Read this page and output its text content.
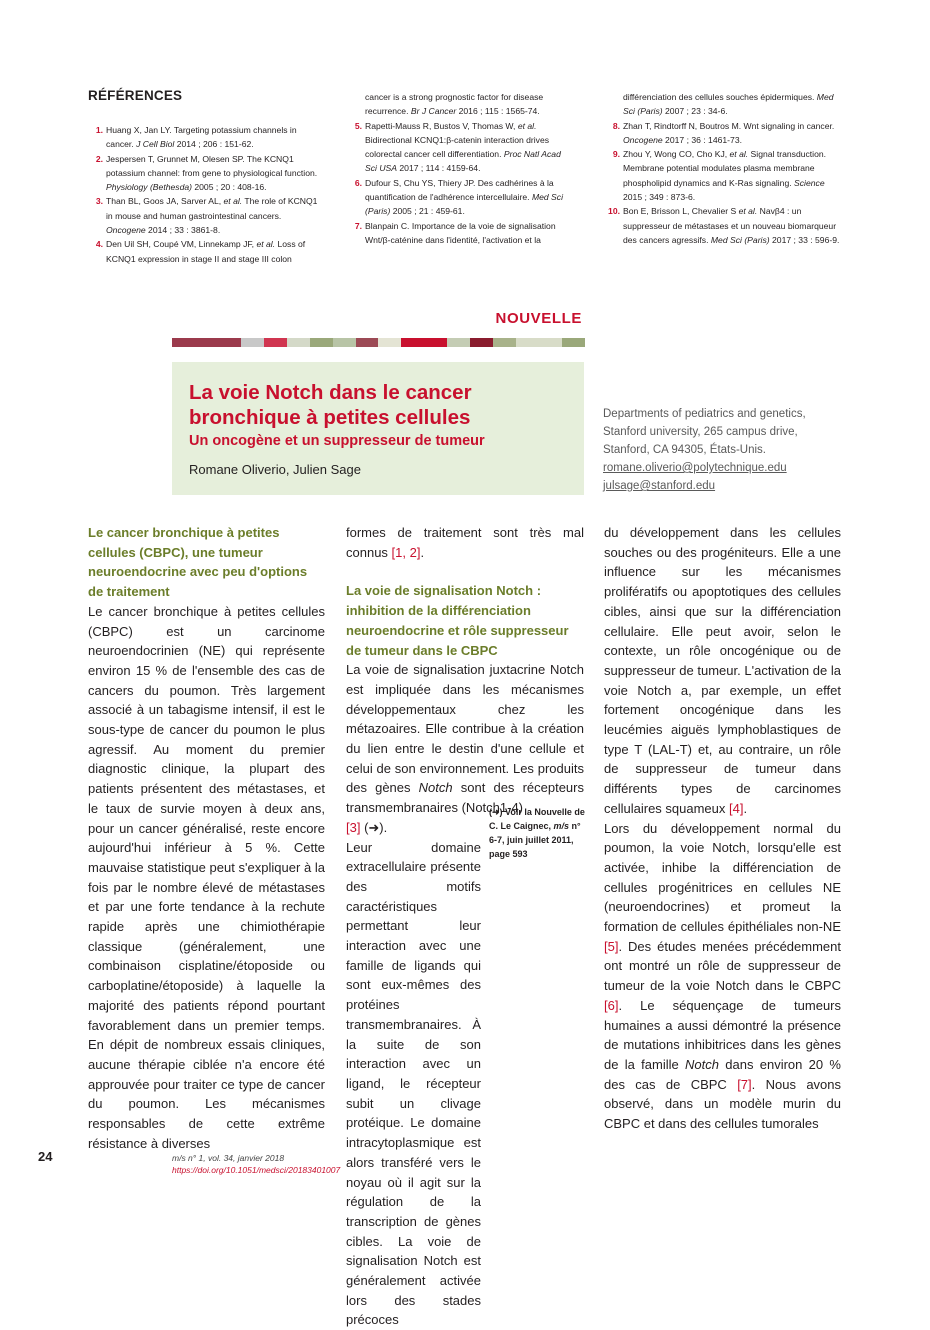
RÉFÉRENCES

1. Huang X, Jan LY. Targeting potassium channels in cancer. J Cell Biol 2014 ; 206 : 151-62.

2. Jespersen T, Grunnet M, Olesen SP. The KCNQ1 potassium channel: from gene to physiological function. Physiology (Bethesda) 2005 ; 20 : 408-16.

3. Than BL, Goos JA, Sarver AL, et al. The role of KCNQ1 in mouse and human gastrointestinal cancers. Oncogene 2014 ; 33 : 3861-8.

4. Den Uil SH, Coupé VM, Linnekamp JF, et al. Loss of KCNQ1 expression in stage II and stage III colon

cancer is a strong prognostic factor for disease recurrence. Br J Cancer 2016 ; 115 : 1565-74.

5. Rapetti-Mauss R, Bustos V, Thomas W, et al. Bidirectional KCNQ1:β-catenin interaction drives colorectal cancer cell differentiation. Proc Natl Acad Sci USA 2017 ; 114 : 4159-64.

6. Dufour S, Chu YS, Thiery JP. Des cadhérines à la quantification de l'adhérence intercellulaire. Med Sci (Paris) 2005 ; 21 : 459-61.

7. Blanpain C. Importance de la voie de signalisation Wnt/β-caténine dans l'identité, l'activation et la

différenciation des cellules souches épidermiques. Med Sci (Paris) 2007 ; 23 : 34-6.

8. Zhan T, Rindtorff N, Boutros M. Wnt signaling in cancer. Oncogene 2017 ; 36 : 1461-73.

9. Zhou Y, Wong CO, Cho KJ, et al. Signal transduction. Membrane potential modulates plasma membrane phospholipid dynamics and K-Ras signaling. Science 2015 ; 349 : 873-6.

10. Bon E, Brisson L, Chevalier S et al. Navβ4 : un suppresseur de métastases et un nouveau biomarqueur des cancers agressifs. Med Sci (Paris) 2017 ; 33 : 596-9.

NOUVELLE
La voie Notch dans le cancer bronchique à petites cellules
Un oncogène et un suppresseur de tumeur

Romane Oliverio, Julien Sage

Departments of pediatrics and genetics,
Stanford university, 265 campus drive,
Stanford, CA 94305, États-Unis.
romane.oliverio@polytechnique.edu
julsage@stanford.edu
Le cancer bronchique à petites cellules (CBPC), une tumeur neuroendocrine avec peu d'options de traitement

Le cancer bronchique à petites cellules (CBPC) est un carcinome neuroendocrinien (NE) qui représente environ 15 % de l'ensemble des cas de cancers du poumon. Très largement associé à un tabagisme intensif, il est le sous-type de cancer du poumon le plus agressif. Au moment du premier diagnostic clinique, la plupart des patients présentent des métastases, et le taux de survie moyen à deux ans, pour un cancer généralisé, reste encore aujourd'hui inférieur à 5 %. Cette mauvaise statistique peut s'expliquer à la fois par le nombre élevé de métastases et par une forte tendance à la rechute rapide après une chimiothérapie classique (généralement, une combinaison cisplatine/étoposide ou carboplatine/étoposide) à laquelle la majorité des patients répond pourtant favorablement dans un premier temps. En dépit de nombreux essais cliniques, aucune thérapie ciblée n'a encore été approuvée pour traiter ce type de cancer du poumon. Les mécanismes responsables de cette extrême résistance à diverses

formes de traitement sont très mal connus [1, 2].

La voie de signalisation Notch : inhibition de la différenciation neuroendocrine et rôle suppresseur de tumeur dans le CBPC

La voie de signalisation juxtacrine Notch est impliquée dans les mécanismes développementaux chez les métazoaires. Elle contribue à la création du lien entre le destin d'une cellule et celui de son environnement. Les produits des gènes Notch sont des récepteurs transmembranaires (Notch1-4)

[3] (➜).

Leur domaine extracellulaire présente des motifs caractéristiques permettant leur interaction avec une famille de ligands qui sont eux-mêmes des protéines transmembranaires. À la suite de son interaction avec un ligand, le récepteur subit un clivage protéique. Le domaine intracytoplasmique est alors transféré vers le noyau où il agit sur la régulation de la transcription de gènes cibles. La voie de signalisation Notch est généralement activée lors des stades précoces

(➜) Voir la Nouvelle de C. Le Caignec, m/s n° 6-7, juin juillet 2011, page 593

du développement dans les cellules souches ou des progéniteurs. Elle a une influence sur les mécanismes prolifératifs ou apoptotiques des cellules cibles, ainsi que sur la différenciation cellulaire. Elle peut avoir, selon le contexte, un rôle oncogénique ou de suppresseur de tumeur. L'activation de la voie Notch a, par exemple, un effet fortement oncogénique dans les leucémies aiguës lymphoblastiques de type T (LAL-T) et, au contraire, un rôle de suppresseur de tumeur dans différents types de carcinomes cellulaires squameux [4].

Lors du développement normal du poumon, la voie Notch, lorsqu'elle est activée, inhibe la différenciation de cellules progénitrices en cellules NE (neuroendocrines) et promeut la formation de cellules épithéliales non-NE [5]. Des études menées précédemment ont montré un rôle de suppresseur de tumeur de la voie Notch dans le CBPC [6]. Le séquençage de tumeurs humaines a aussi démontré la présence de mutations inhibitrices dans les gènes de la famille Notch dans environ 20 % des cas de CBPC [7]. Nous avons observé, dans un modèle murin du CBPC et dans des cellules tumorales

24	m/s n° 1, vol. 34, janvier 2018
https://doi.org/10.1051/medsci/20183401007
